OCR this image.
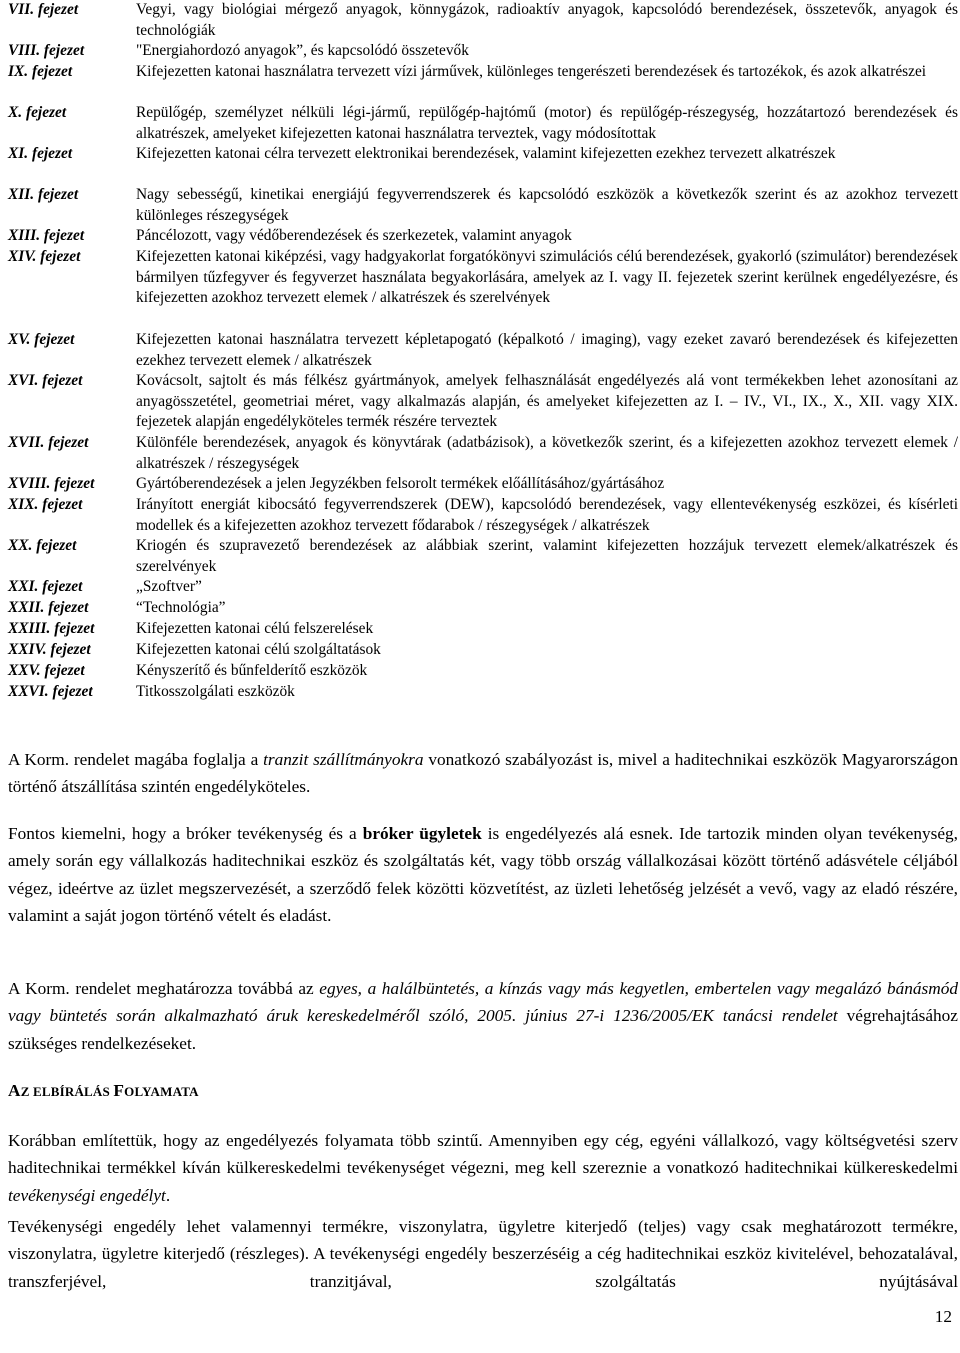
VII. fejezet	Vegyi, vagy biológiai mérgező anyagok, könnygázok, radioaktív anyagok, kapcsolódó berendezések, összetevők, anyagok és technológiák
VIII. fejezet	"Energiahordozó anyagok”, és kapcsolódó összetevők
IX. fejezet	Kifejezetten katonai használatra tervezett vízi járművek, különleges tengerészeti berendezések és tartozékok, és azok alkatrészei
X. fejezet	Repülőgép, személyzet nélküli légi-jármű, repülőgép-hajtómű (motor) és repülőgép-részegység, hozzátartozó berendezések és alkatrészek, amelyeket kifejezetten katonai használatra terveztek, vagy módosítottak
XI. fejezet	Kifejezetten katonai célra tervezett elektronikai berendezések, valamint kifejezetten ezekhez tervezett alkatrészek
XII. fejezet	Nagy sebességű, kinetikai energiájú fegyverrendszerek és kapcsolódó eszközök a következők szerint és az azokhoz tervezett különleges részegységek
XIII. fejezet	Páncélozott, vagy védőberendezések és szerkezetek, valamint anyagok
XIV. fejezet	Kifejezetten katonai kiképzési, vagy hadgyakorlat forgatókönyvi szimulációs célú berendezések, gyakorló (szimulátor) berendezések bármilyen tűzfegyver és fegyverzet használata begyakorlására, amelyek az I. vagy II. fejezetek szerint kerülnek engedélyezésre, és kifejezetten azokhoz tervezett elemek / alkatrészek és szerelvények
XV. fejezet	Kifejezetten katonai használatra tervezett képletapogató (képalkotó / imaging), vagy ezeket zavaró berendezések és kifejezetten ezekhez tervezett elemek / alkatrészek
XVI. fejezet	Kovácsolt, sajtolt és más félkész gyártmányok, amelyek felhasználását engedélyezés alá vont termékekben lehet azonosítani az anyagösszetétel, geometriai méret, vagy alkalmazás alapján, és amelyeket kifejezetten az I. – IV., VI., IX., X., XII. vagy XIX. fejezetek alapján engedélyköteles termék részére terveztek
XVII. fejezet	Különféle berendezések, anyagok és könyvtárak (adatbázisok), a következők szerint, és a kifejezetten azokhoz tervezett elemek / alkatrészek / részegységek
XVIII. fejezet	Gyártóberendezések a jelen Jegyzékben felsorolt termékek előállításához/gyártásához
XIX. fejezet	Irányított energiát kibocsátó fegyverrendszerek (DEW), kapcsolódó berendezések, vagy ellentevékenység eszközei, és kísérleti modellek és a kifejezetten azokhoz tervezett fődarabok / részegységek / alkatrészek
XX. fejezet	Kriogén és szupravezető berendezések az alábbiak szerint, valamint kifejezetten hozzájuk tervezett elemek/alkatrészek és szerelvények
XXI. fejezet	„Szoftver”
XXII. fejezet	“Technológia”
XXIII. fejezet	Kifejezetten katonai célú felszerelések
XXIV. fejezet	Kifejezetten katonai célú szolgáltatások
XXV. fejezet	Kényszerítő és bűnfelderítő eszközök
XXVI. fejezet	Titkosszolgálati eszközök

A Korm. rendelet magába foglalja a tranzit szállítmányokra vonatkozó szabályozást is, mivel a haditechnikai eszközök Magyarországon történő átszállítása szintén engedélyköteles.

Fontos kiemelni, hogy a bróker tevékenység és a bróker ügyletek is engedélyezés alá esnek. Ide tartozik minden olyan tevékenység, amely során egy vállalkozás haditechnikai eszköz és szolgáltatás két, vagy több ország vállalkozásai között történő adásvétele céljából végez, ideértve az üzlet megszervezését, a szerződő felek közötti közvetítést, az üzleti lehetőség jelzését a vevő, vagy az eladó részére, valamint a saját jogon történő vételt és eladást.

A Korm. rendelet meghatározza továbbá az egyes, a halálbüntetés, a kínzás vagy más kegyetlen, embertelen vagy megalázó bánásmód vagy büntetés során alkalmazható áruk kereskedelméről szóló, 2005. június 27-i 1236/2005/EK tanácsi rendelet végrehajtásához szükséges rendelkezéseket.

AZ ELBÍRÁLÁS FOLYAMATA

Korábban említettük, hogy az engedélyezés folyamata több szintű. Amennyiben egy cég, egyéni vállalkozó, vagy költségvetési szerv haditechnikai termékkel kíván külkereskedelmi tevékenységet végezni, meg kell szereznie a vonatkozó haditechnikai külkereskedelmi tevékenységi engedélyt.

Tevékenységi engedély lehet valamennyi termékre, viszonylatra, ügyletre kiterjedő (teljes) vagy csak meghatározott termékre, viszonylatra, ügyletre kiterjedő (részleges). A tevékenységi engedély beszerzéséig a cég haditechnikai eszköz kivitelével, behozatalával, transzferjével, tranzitjával, szolgáltatás nyújtásával

12
